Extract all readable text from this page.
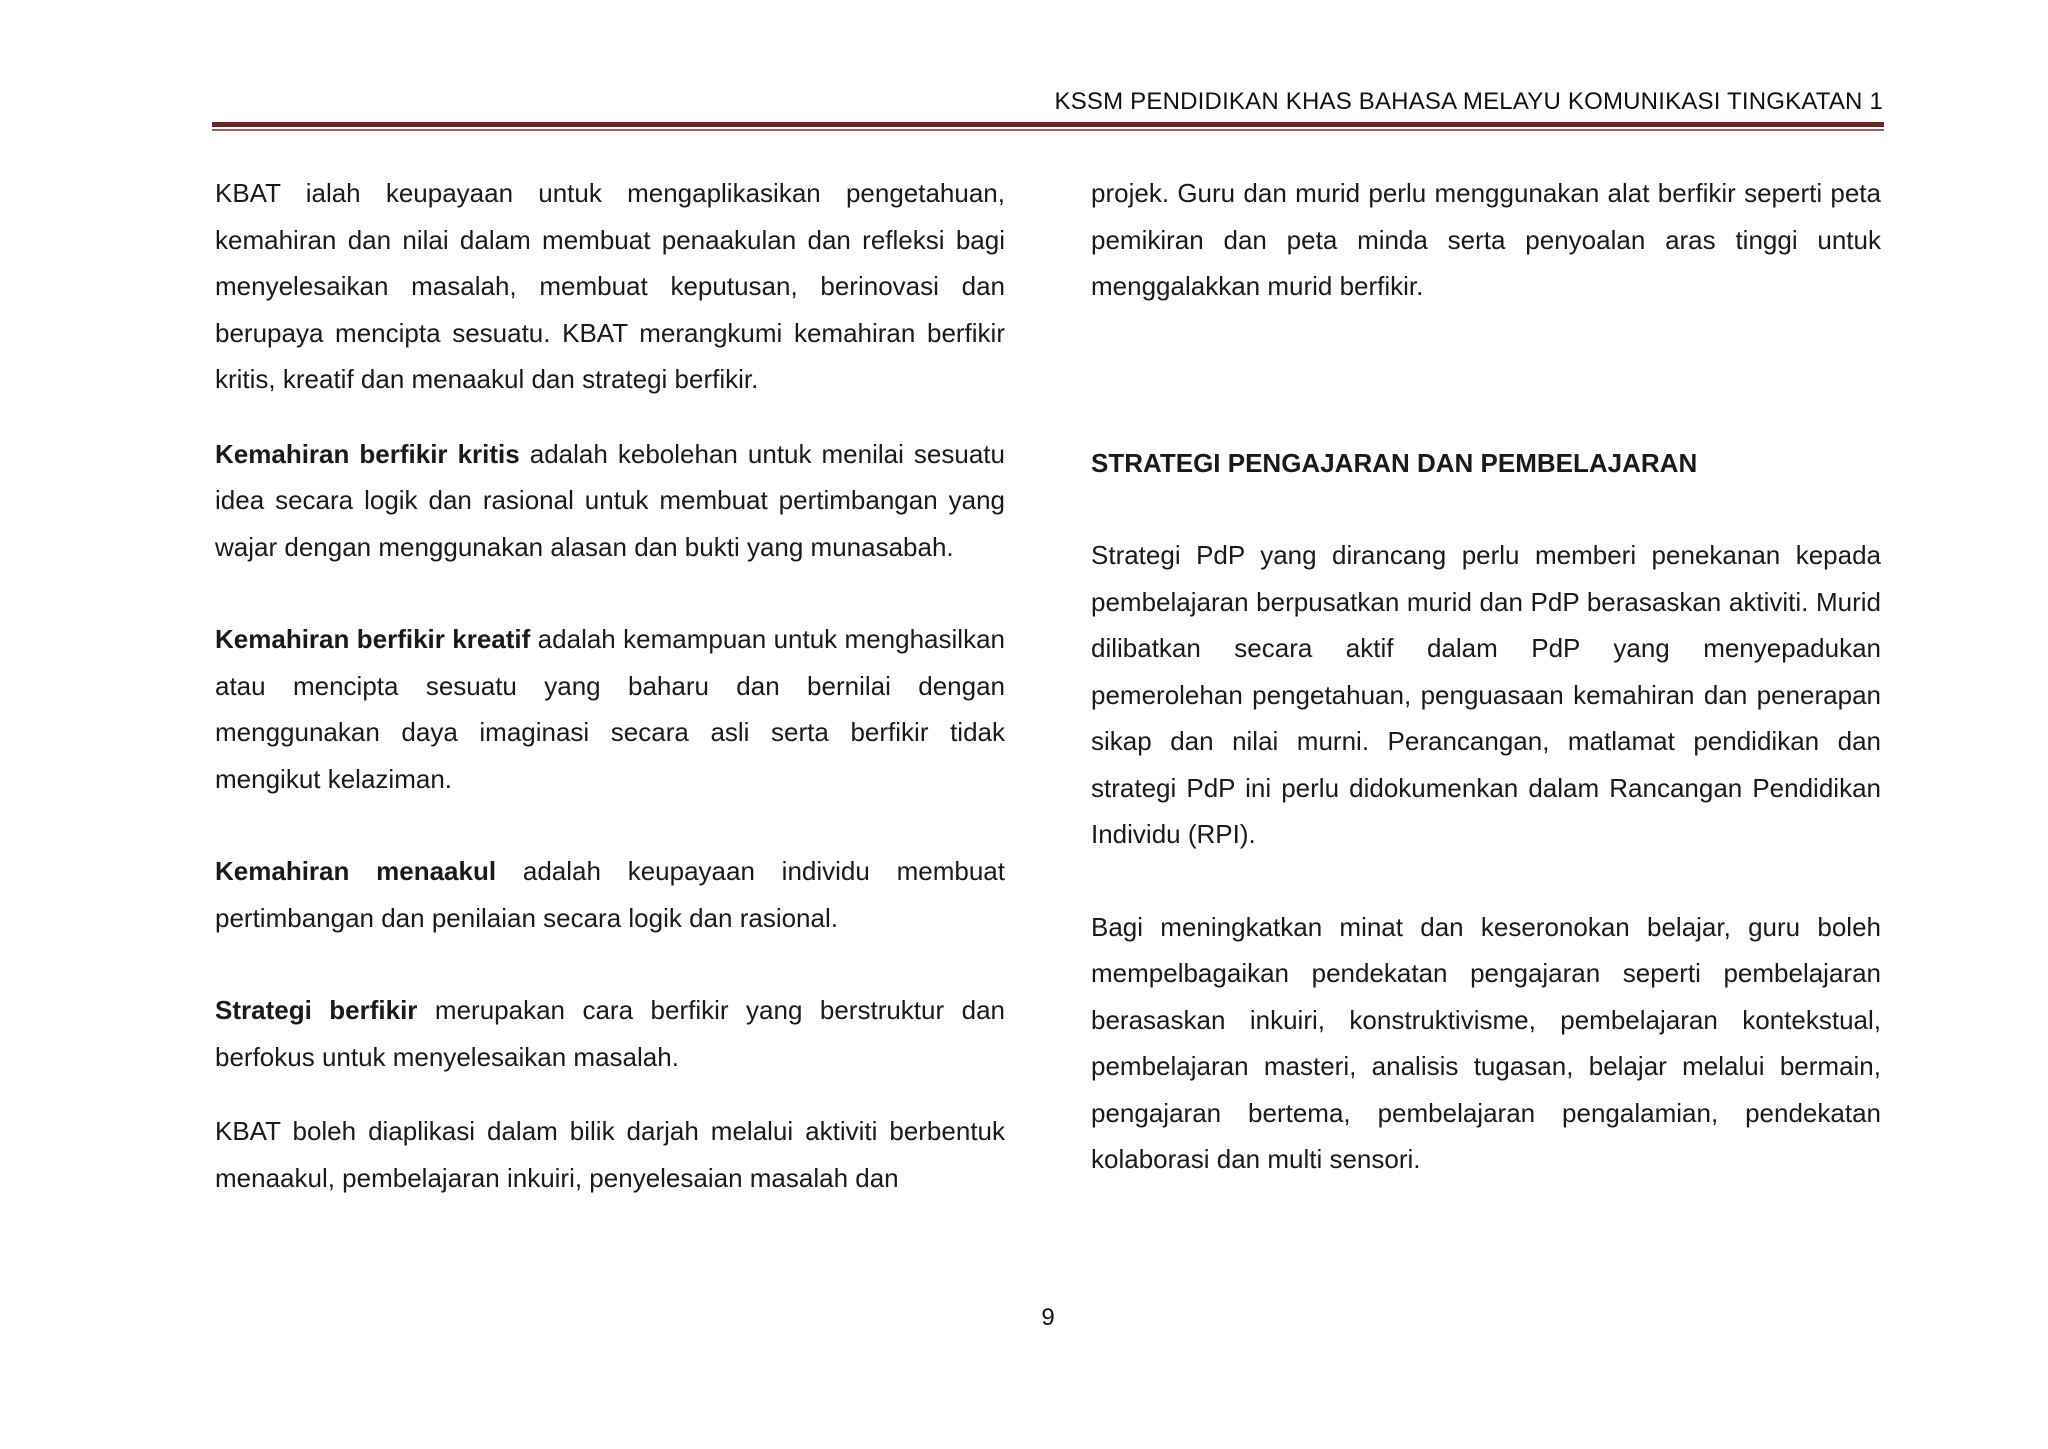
KSSM PENDIDIKAN KHAS BAHASA MELAYU KOMUNIKASI TINGKATAN 1

KBAT ialah keupayaan untuk mengaplikasikan pengetahuan, kemahiran dan nilai dalam membuat penaakulan dan refleksi bagi menyelesaikan masalah, membuat keputusan, berinovasi dan berupaya mencipta sesuatu. KBAT merangkumi kemahiran berfikir kritis, kreatif dan menaakul dan strategi berfikir.

Kemahiran berfikir kritis adalah kebolehan untuk menilai sesuatu idea secara logik dan rasional untuk membuat pertimbangan yang wajar dengan menggunakan alasan dan bukti yang munasabah.

Kemahiran berfikir kreatif adalah kemampuan untuk menghasilkan atau mencipta sesuatu yang baharu dan bernilai dengan menggunakan daya imaginasi secara asli serta berfikir tidak mengikut kelaziman.

Kemahiran menaakul adalah keupayaan individu membuat pertimbangan dan penilaian secara logik dan rasional.

Strategi berfikir merupakan cara berfikir yang berstruktur dan berfokus untuk menyelesaikan masalah.

KBAT boleh diaplikasi dalam bilik darjah melalui aktiviti berbentuk menaakul, pembelajaran inkuiri, penyelesaian masalah dan

projek. Guru dan murid perlu menggunakan alat berfikir seperti peta pemikiran dan peta minda serta penyoalan aras tinggi untuk menggalakkan murid berfikir.

STRATEGI PENGAJARAN DAN PEMBELAJARAN

Strategi PdP yang dirancang perlu memberi penekanan kepada pembelajaran berpusatkan murid dan PdP berasaskan aktiviti. Murid dilibatkan secara aktif dalam PdP yang menyepadukan pemerolehan pengetahuan, penguasaan kemahiran dan penerapan sikap dan nilai murni. Perancangan, matlamat pendidikan dan strategi PdP ini perlu didokumenkan dalam Rancangan Pendidikan Individu (RPI).

Bagi meningkatkan minat dan keseronokan belajar, guru boleh mempelbagaikan pendekatan pengajaran seperti pembelajaran berasaskan inkuiri, konstruktivisme, pembelajaran kontekstual, pembelajaran masteri, analisis tugasan, belajar melalui bermain, pengajaran bertema, pembelajaran pengalamian, pendekatan kolaborasi dan multi sensori.

9
